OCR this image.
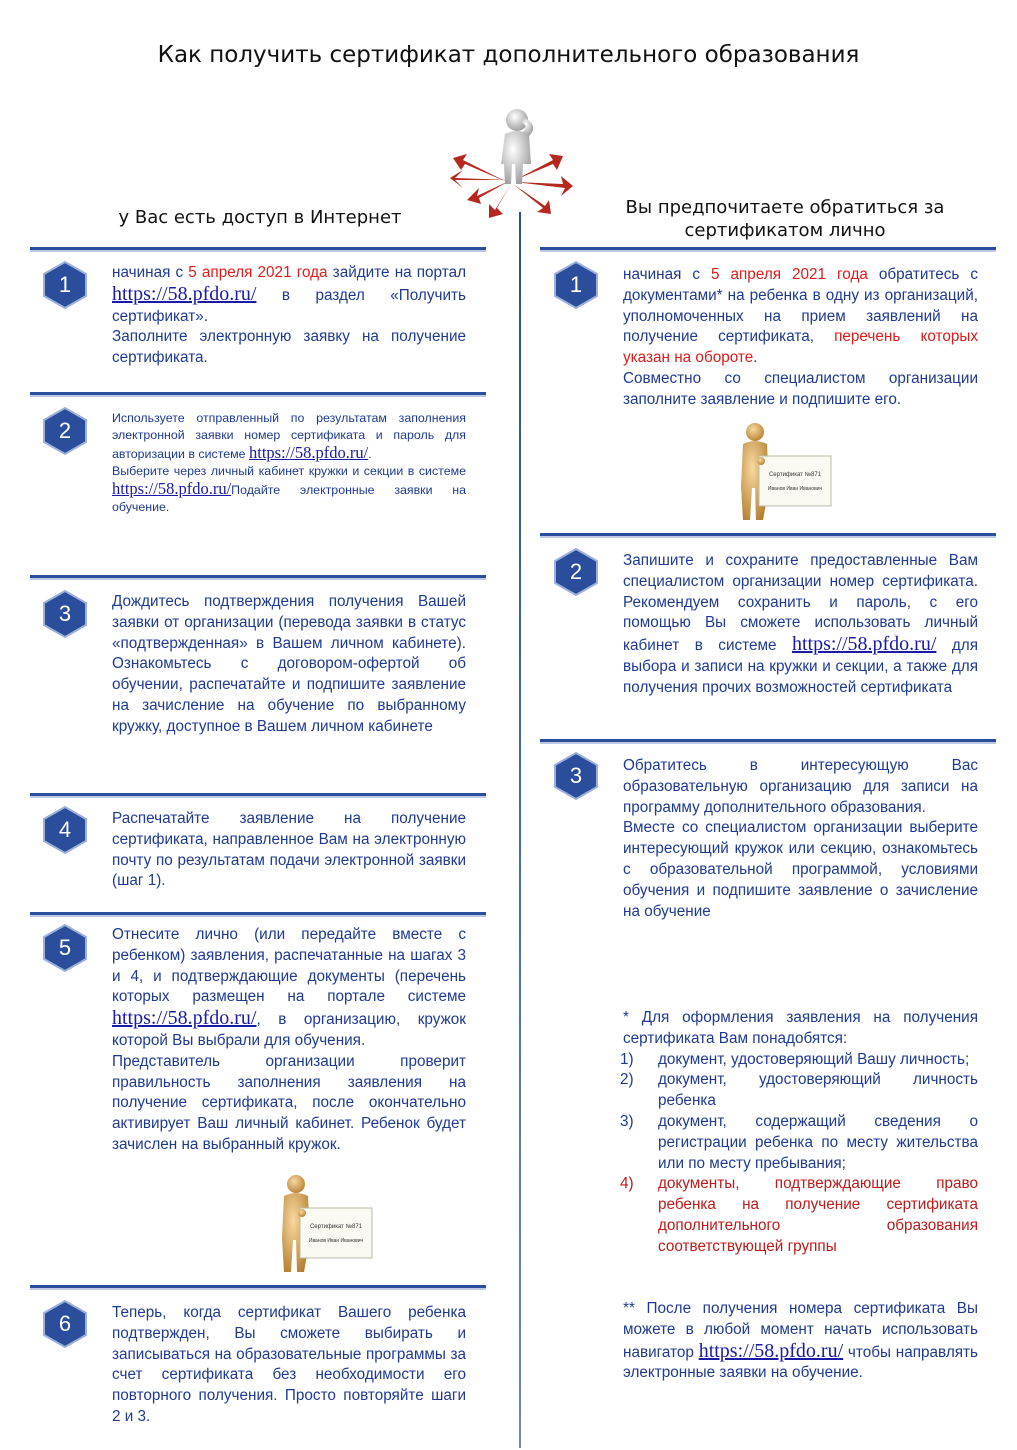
Как получить сертификат дополнительного образования
у Вас есть доступ в Интернет	Вы предпочитаете обратиться за
сертификатом лично
1
2
3
4
5
6
1
2
3

начиная с 5 апреля 2021 года зайдите на портал https://58.pfdo.ru/ в раздел «Получить сертификат».

Заполните электронную заявку на получение сертификата.

Используете отправленный по результатам заполнения электронной заявки номер сертификата и пароль для авторизации в системе https://58.pfdo.ru/.

Выберите через личный кабинет кружки и секции в системе https://58.pfdo.ru/Подайте электронные заявки на обучение.

Дождитесь подтверждения получения Вашей заявки от организации (перевода заявки в статус «подтвержденная» в Вашем личном кабинете). Ознакомьтесь с договором-офертой об обучении, распечатайте и подпишите заявление на зачисление на обучение по выбранному кружку, доступное в Вашем личном кабинете
Распечатайте заявление на получение сертификата, направленное Вам на электронную почту по результатам подачи электронной заявки (шаг 1).

Отнесите лично (или передайте вместе с ребенком) заявления, распечатанные на шагах 3 и 4, и подтверждающие документы (перечень которых размещен на портале системе https://58.pfdo.ru/, в организацию, кружок которой Вы выбрали для обучения.

Представитель организации проверит правильность заполнения заявления на получение сертификата, после окончательно активирует Ваш личный кабинет. Ребенок будет зачислен на выбранный кружок.

Теперь, когда сертификат Вашего ребенка подтвержден, Вы сможете выбирать и записываться на образовательные программы за счет сертификата без необходимости его повторного получения. Просто повторяйте шаги 2 и 3.

начиная с 5 апреля 2021 года обратитесь с документами* на ребенка в одну из организаций, уполномоченных на прием заявлений на получение сертификата, перечень которых указан на обороте.

Совместно со специалистом организации заполните заявление и подпишите его.

Запишите и сохраните предоставленные Вам специалистом организации номер сертификата. Рекомендуем сохранить и пароль, с его помощью Вы сможете использовать личный кабинет в системе https://58.pfdo.ru/ для выбора и записи на кружки и секции, а также для получения прочих возможностей сертификата

Обратитесь в интересующую Вас образовательную организацию для записи на программу дополнительного образования.

Вместе со специалистом организации выберите интересующий кружок или секцию, ознакомьтесь с образовательной программой, условиями обучения и подпишите заявление о зачисление на обучение

* Для оформления заявления на получения сертификата Вам понадобятся:

1) документ, удостоверяющий Вашу личность;
2) документ, удостоверяющий личность ребенка
3) документ, содержащий сведения о регистрации ребенка по месту жительства или по месту пребывания;
4) документы, подтверждающие право ребенка на получение сертификата дополнительного образования соответствующей группы

** После получения номера сертификата Вы можете в любой момент начать использовать навигатор https://58.pfdo.ru/ чтобы направлять электронные заявки на обучение.

Сертификат №871
Иванов Иван Иванович
Сертификат №871
Иванов Иван Иванович
